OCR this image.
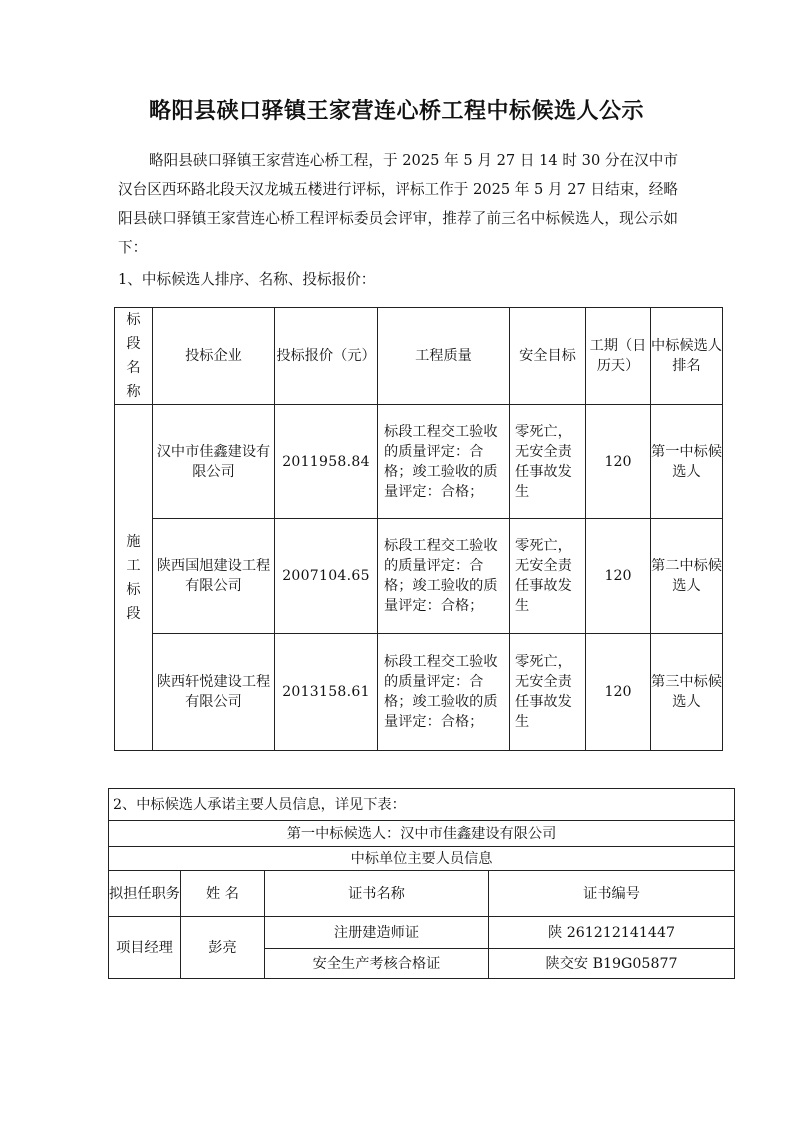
略阳县硖口驿镇王家营连心桥工程中标候选人公示
略阳县硖口驿镇王家营连心桥工程，于 2025 年 5 月 27 日 14 时 30 分在汉中市汉台区西环路北段天汉龙城五楼进行评标，评标工作于 2025 年 5 月 27 日结束，经略阳县硖口驿镇王家营连心桥工程评标委员会评审，推荐了前三名中标候选人，现公示如下：
1、中标候选人排序、名称、投标报价：
标
段
名
称	投标企业	投标报价（元）	工程质量	安全目标	工期（日历天）	中标候选人排名
施
工
标
段	汉中市佳鑫建设有限公司	2011958.84	标段工程交工验收的质量评定：合格；竣工验收的质量评定：合格；	零死亡，无安全责任事故发生	120	第一中标候选人
	陕西国旭建设工程有限公司	2007104.65	标段工程交工验收的质量评定：合格；竣工验收的质量评定：合格；	零死亡，无安全责任事故发生	120	第二中标候选人
	陕西轩悦建设工程有限公司	2013158.61	标段工程交工验收的质量评定：合格；竣工验收的质量评定：合格；	零死亡，无安全责任事故发生	120	第三中标候选人
2、中标候选人承诺主要人员信息，详见下表：			
第一中标候选人：汉中市佳鑫建设有限公司			
中标单位主要人员信息			
拟担任职务	姓 名	证书名称	证书编号
项目经理	彭亮	注册建造师证	陕 261212141447
		安全生产考核合格证	陕交安 B19G05877
